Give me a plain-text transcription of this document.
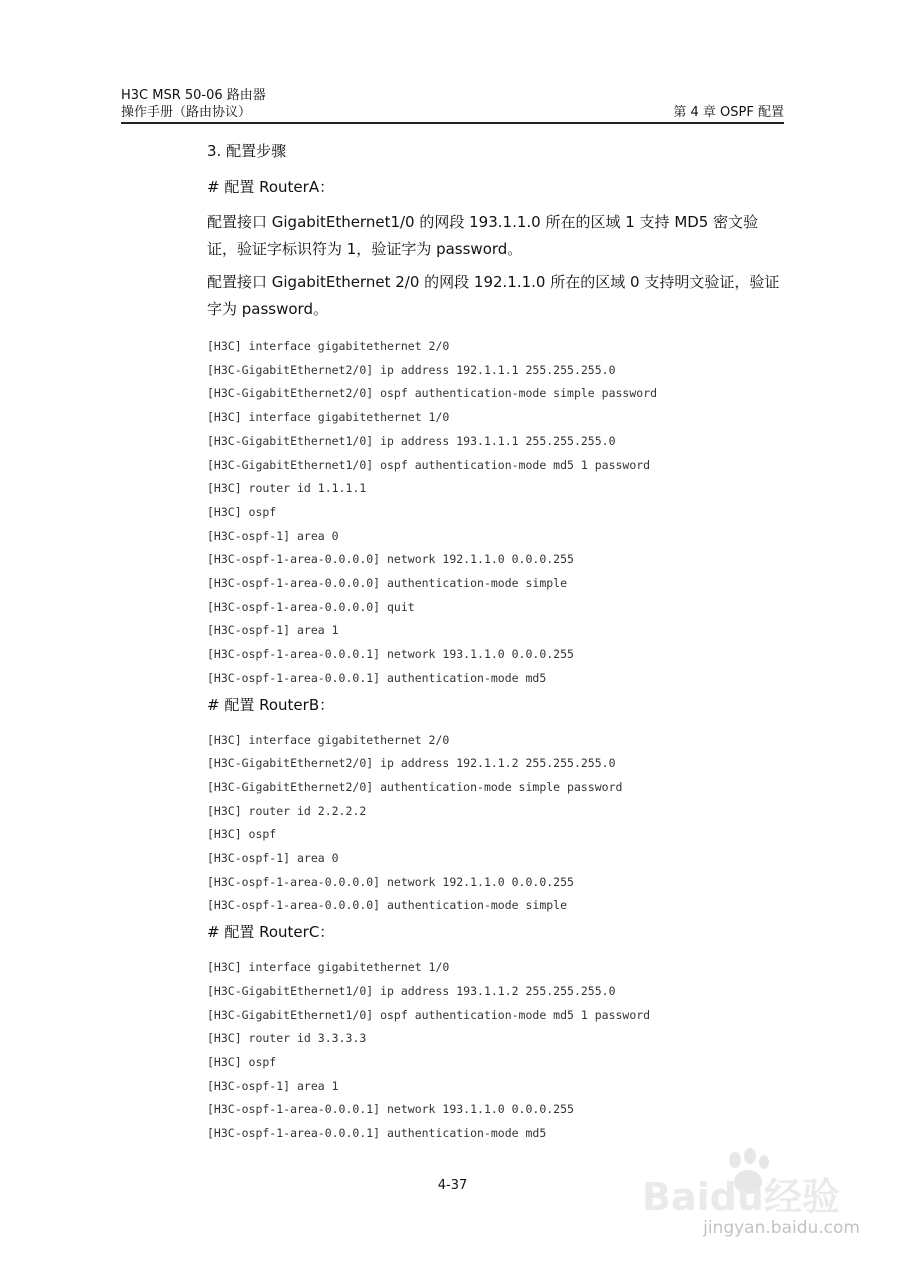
H3C MSR 50-06 路由器
操作手册（路由协议）	第 4 章 OSPF 配置
3. 配置步骤
# 配置 RouterA：
配置接口 GigabitEthernet1/0 的网段 193.1.1.0 所在的区域 1 支持 MD5 密文验证，验证字标识符为 1，验证字为 password。
配置接口 GigabitEthernet 2/0 的网段 192.1.1.0 所在的区域 0 支持明文验证，验证字为 password。
[H3C] interface gigabitethernet 2/0
[H3C-GigabitEthernet2/0] ip address 192.1.1.1 255.255.255.0
[H3C-GigabitEthernet2/0] ospf authentication-mode simple password
[H3C] interface gigabitethernet 1/0
[H3C-GigabitEthernet1/0] ip address 193.1.1.1 255.255.255.0
[H3C-GigabitEthernet1/0] ospf authentication-mode md5 1 password
[H3C] router id 1.1.1.1
[H3C] ospf
[H3C-ospf-1] area 0
[H3C-ospf-1-area-0.0.0.0] network 192.1.1.0 0.0.0.255
[H3C-ospf-1-area-0.0.0.0] authentication-mode simple
[H3C-ospf-1-area-0.0.0.0] quit
[H3C-ospf-1] area 1
[H3C-ospf-1-area-0.0.0.1] network 193.1.1.0 0.0.0.255
[H3C-ospf-1-area-0.0.0.1] authentication-mode md5
# 配置 RouterB：
[H3C] interface gigabitethernet 2/0
[H3C-GigabitEthernet2/0] ip address 192.1.1.2 255.255.255.0
[H3C-GigabitEthernet2/0] authentication-mode simple password
[H3C] router id 2.2.2.2
[H3C] ospf
[H3C-ospf-1] area 0
[H3C-ospf-1-area-0.0.0.0] network 192.1.1.0 0.0.0.255
[H3C-ospf-1-area-0.0.0.0] authentication-mode simple
# 配置 RouterC：
[H3C] interface gigabitethernet 1/0
[H3C-GigabitEthernet1/0] ip address 193.1.1.2 255.255.255.0
[H3C-GigabitEthernet1/0] ospf authentication-mode md5 1 password
[H3C] router id 3.3.3.3
[H3C] ospf
[H3C-ospf-1] area 1
[H3C-ospf-1-area-0.0.0.1] network 193.1.1.0 0.0.0.255
[H3C-ospf-1-area-0.0.0.1] authentication-mode md5
4-37	Baidu经验
jingyan.baidu.com
